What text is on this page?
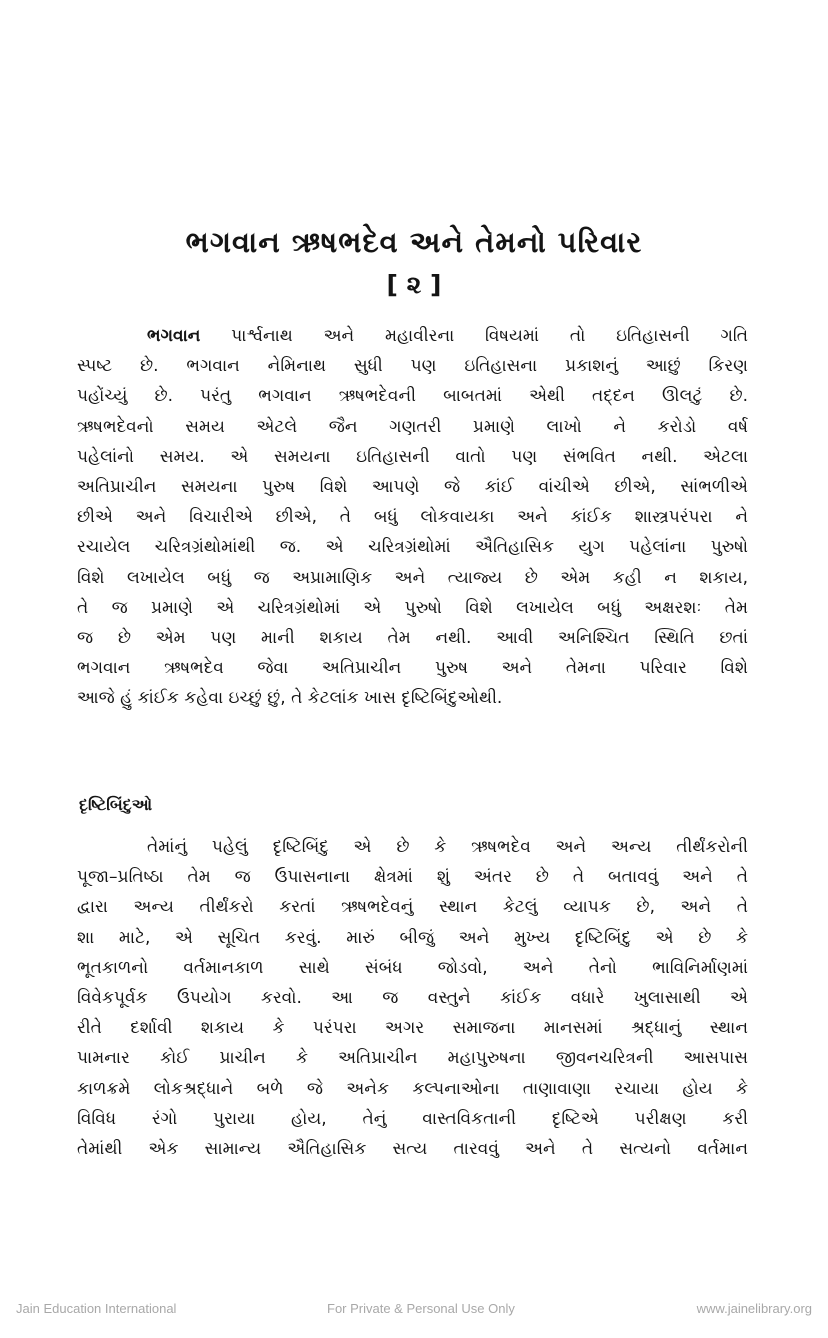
ભગવાન ઋષભદેવ અને તેમનો પરિવાર
[ ૨ ]
ભગવાન પાર્શ્વનાથ અને મહાવીરના વિષયમાં તો ઇતિહાસની ગતિ
સ્પષ્ટ છે. ભગવાન નેમિનાથ સુધી પણ ઇતિહાસના પ્રકાશનું આછું કિરણ
પહોંચ્યું છે. પરંતુ ભગવાન ઋષભદેવની બાબતમાં એથી તદ્દન ઊલટું છે.
ઋષભદેવનો સમય એટલે જૈન ગણતરી પ્રમાણે લાખો ને કરોડો વર્ષ
પહેલાંનો સમય. એ સમયના ઇતિહાસની વાતો પણ સંભવિત નથી. એટલા
અતિપ્રાચીન સમયના પુરુષ વિશે આપણે જે કાંઈ વાંચીએ છીએ, સાંભળીએ
છીએ અને વિચારીએ છીએ, તે બધું લોકવાયકા અને કાંઈક શાસ્ત્રપરંપરા ને
રચાયેલ ચરિત્રગ્રંથોમાંથી જ. એ ચરિત્રગ્રંથોમાં ઐતિહાસિક યુગ પહેલાંના પુરુષો
વિશે લખાયેલ બધું જ અપ્રામાણિક અને ત્યાજ્ય છે એમ કહી ન શકાય,
તે જ પ્રમાણે એ ચરિત્રગ્રંથોમાં એ પુરુષો વિશે લખાયેલ બધું અક્ષરશઃ તેમ
જ છે એમ પણ માની શકાય તેમ નથી. આવી અનિશ્ચિત સ્થિતિ છતાં
ભગવાન ઋષભદેવ જેવા અતિપ્રાચીન પુરુષ અને તેમના પરિવાર વિશે
આજે હું કાંઈક કહેવા ઇચ્છું છું, તે કેટલાંક ખાસ દૃષ્ટિબિંદુઓથી.
દૃષ્ટિબિંદુઓ
તેમાંનું પહેલું દૃષ્ટિબિંદુ એ છે કે ઋષભદેવ અને અન્ય તીર્થંકરોની
પૂજા–પ્રતિષ્ઠા તેમ જ ઉપાસનાના ક્ષેત્રમાં શું અંતર છે તે બતાવવું અને તે
દ્વારા અન્ય તીર્થંકરો કરતાં ઋષભદેવનું સ્થાન કેટલું વ્યાપક છે, અને તે
શા માટે, એ સૂચિત કરવું. મારું બીજું અને મુખ્ય દૃષ્ટિબિંદુ એ છે કે
ભૂતકાળનો વર્તમાનકાળ સાથે સંબંધ જોડવો, અને તેનો ભાવિનિર્માણમાં
વિવેકપૂર્વક ઉપયોગ કરવો. આ જ વસ્તુને કાંઈક વધારે ખુલાસાથી એ
રીતે દર્શાવી શકાય કે પરંપરા અગર સમાજના માનસમાં શ્રદ્ધાનું સ્થાન
પામનાર કોઈ પ્રાચીન કે અતિપ્રાચીન મહાપુરુષના જીવનચરિત્રની આસપાસ
કાળક્રમે લોકશ્રદ્ધાને બળે જે અનેક કલ્પનાઓના તાણાવાણા રચાયા હોય કે
વિવિધ રંગો પુરાયા હોય, તેનું વાસ્તવિકતાની દૃષ્ટિએ પરીક્ષણ કરી
તેમાંથી એક સામાન્ય ઐતિહાસિક સત્ય તારવવું અને તે સત્યનો વર્તમાન
Jain Education International	For Private & Personal Use Only	www.jainelibrary.org
